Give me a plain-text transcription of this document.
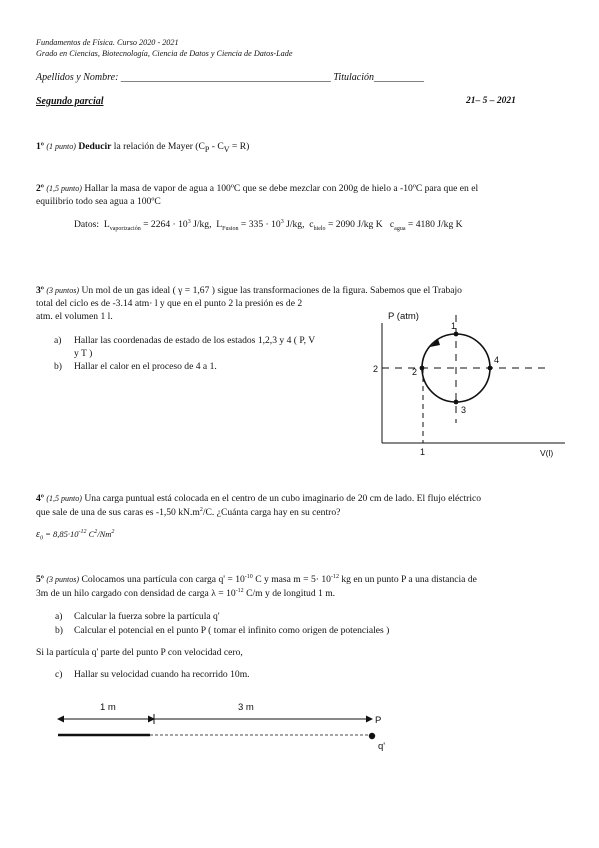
Fundamentos de Física. Curso 2020 - 2021
Grado en Ciencias, Biotecnología, Ciencia de Datos y Ciencia de Datos-Lade
Apellidos y Nombre: __________________________________________ Titulación__________
Segundo parcial	21– 5 – 2021
1º (1 punto) Deducir la relación de Mayer $(C_P - C_V = R)$
2º (1,5 punto) Hallar la masa de vapor de agua a 100ºC que se debe mezclar con 200g de hielo a -10ºC para que en el
equilibrio todo sea agua a 100ºC
Datos: $L_{vaporización} = 2264 \cdot 10^3$ J/kg, $L_{Fusion} = 335 \cdot 10^3$ J/kg, $c_{hielo} = 2090$ J/kg K $c_{agua} = 4180$ J/kg K
3º (3 puntos) Un mol de un gas ideal ( γ = 1,67 ) sigue las transformaciones de la figura. Sabemos que el Trabajo
total del ciclo es de -3.14 atm· l y que en el punto 2 la presión es de 2
atm. el volumen 1 l.
a) Hallar las coordenadas de estado de los estados 1,2,3 y 4 ( P, V
y T )
b) Hallar el calor en el proceso de 4 a 1.
P (atm)
V(l)
2
1
1
2
3
4
4º (1,5 punto) Una carga puntual está colocada en el centro de un cubo imaginario de 20 cm de lado. El flujo eléctrico
que sale de una de sus caras es -1,50 $kN.m^2/C$. ¿Cuánta carga hay en su centro?
$\varepsilon_0 = 8,85\cdot 10^{-12}$ $C^2/Nm^2$
5º (3 puntos) Colocamos una partícula con carga $q' = 10^{-10}$ C y masa $m = 5\cdot 10^{-12}$ kg en un punto P a una distancia de
3m de un hilo cargado con densidad de carga $\lambda = 10^{-12}$ C/m y de longitud 1 m.
a) Calcular la fuerza sobre la partícula q'
b) Calcular el potencial en el punto P ( tomar el infinito como origen de potenciales )
Si la partícula q' parte del punto P con velocidad cero,
c) Hallar su velocidad cuando ha recorrido 10m.
1 m	3 m
P
q'
